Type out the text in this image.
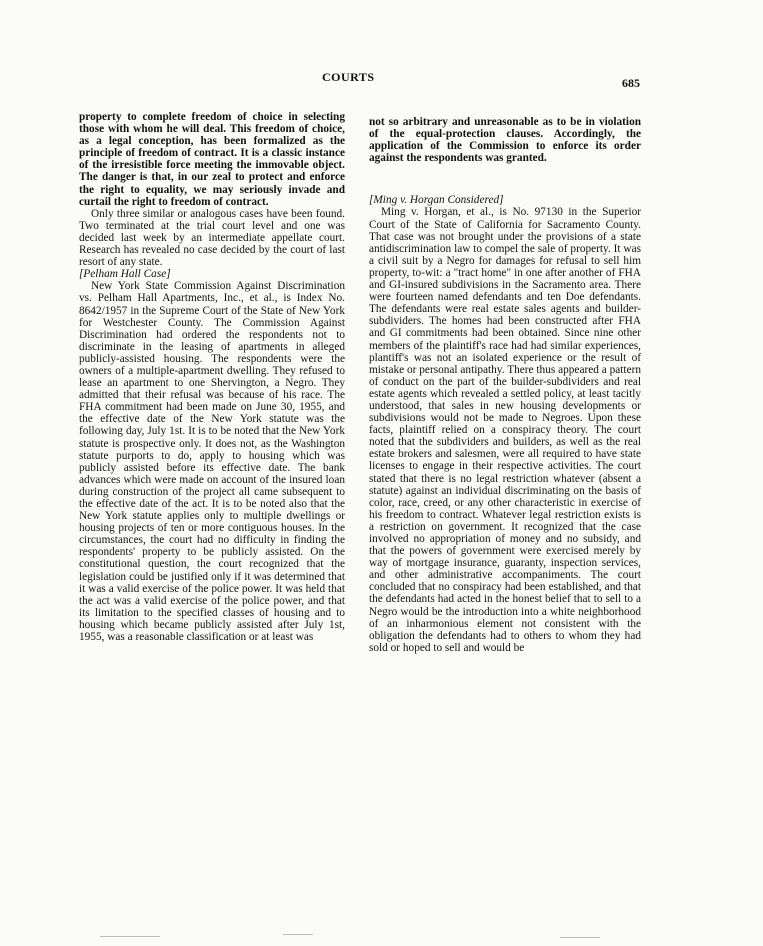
COURTS	685

property to complete freedom of choice in selecting those with whom he will deal. This freedom of choice, as a legal conception, has been formalized as the principle of freedom of contract. It is a classic instance of the irresistible force meeting the immovable object. The danger is that, in our zeal to protect and enforce the right to equality, we may seriously invade and curtail the right to freedom of contract.

Only three similar or analogous cases have been found. Two terminated at the trial court level and one was decided last week by an intermediate appellate court. Research has revealed no case decided by the court of last resort of any state.

[Pelham Hall Case]

New York State Commission Against Discrimination vs. Pelham Hall Apartments, Inc., et al., is Index No. 8642/1957 in the Supreme Court of the State of New York for Westchester County. The Commission Against Discrimination had ordered the respondents not to discriminate in the leasing of apartments in alleged publicly-assisted housing. The respondents were the owners of a multiple-apartment dwelling. They refused to lease an apartment to one Shervington, a Negro. They admitted that their refusal was because of his race. The FHA commitment had been made on June 30, 1955, and the effective date of the New York statute was the following day, July 1st. It is to be noted that the New York statute is prospective only. It does not, as the Washington statute purports to do, apply to housing which was publicly assisted before its effective date. The bank advances which were made on account of the insured loan during construction of the project all came subsequent to the effective date of the act. It is to be noted also that the New York statute applies only to multiple dwellings or housing projects of ten or more contiguous houses. In the circumstances, the court had no difficulty in finding the respondents' property to be publicly assisted. On the constitutional question, the court recognized that the legislation could be justified only if it was determined that it was a valid exercise of the police power. It was held that the act was a valid exercise of the police power, and that its limitation to the specified classes of housing and to housing which became publicly assisted after July 1st, 1955, was a reasonable classification or at least was

not so arbitrary and unreasonable as to be in violation of the equal-protection clauses. Accordingly, the application of the Commission to enforce its order against the respondents was granted.

[Ming v. Horgan Considered]

Ming v. Horgan, et al., is No. 97130 in the Superior Court of the State of California for Sacramento County. That case was not brought under the provisions of a state antidiscrimination law to compel the sale of property. It was a civil suit by a Negro for damages for refusal to sell him property, to-wit: a "tract home" in one after another of FHA and GI-insured subdivisions in the Sacramento area. There were fourteen named defendants and ten Doe defendants. The defendants were real estate sales agents and builder-subdividers. The homes had been constructed after FHA and GI commitments had been obtained. Since nine other members of the plaintiff's race had had similar experiences, plantiff's was not an isolated experience or the result of mistake or personal antipathy. There thus appeared a pattern of conduct on the part of the builder-subdividers and real estate agents which revealed a settled policy, at least tacitly understood, that sales in new housing developments or subdivisions would not be made to Negroes. Upon these facts, plaintiff relied on a conspiracy theory. The court noted that the subdividers and builders, as well as the real estate brokers and salesmen, were all required to have state licenses to engage in their respective activities. The court stated that there is no legal restriction whatever (absent a statute) against an individual discriminating on the basis of color, race, creed, or any other characteristic in exercise of his freedom to contract. Whatever legal restriction exists is a restriction on government. It recognized that the case involved no appropriation of money and no subsidy, and that the powers of government were exercised merely by way of mortgage insurance, guaranty, inspection services, and other administrative accompaniments. The court concluded that no conspiracy had been established, and that the defendants had acted in the honest belief that to sell to a Negro would be the introduction into a white neighborhood of an inharmonious element not consistent with the obligation the defendants had to others to whom they had sold or hoped to sell and would be
